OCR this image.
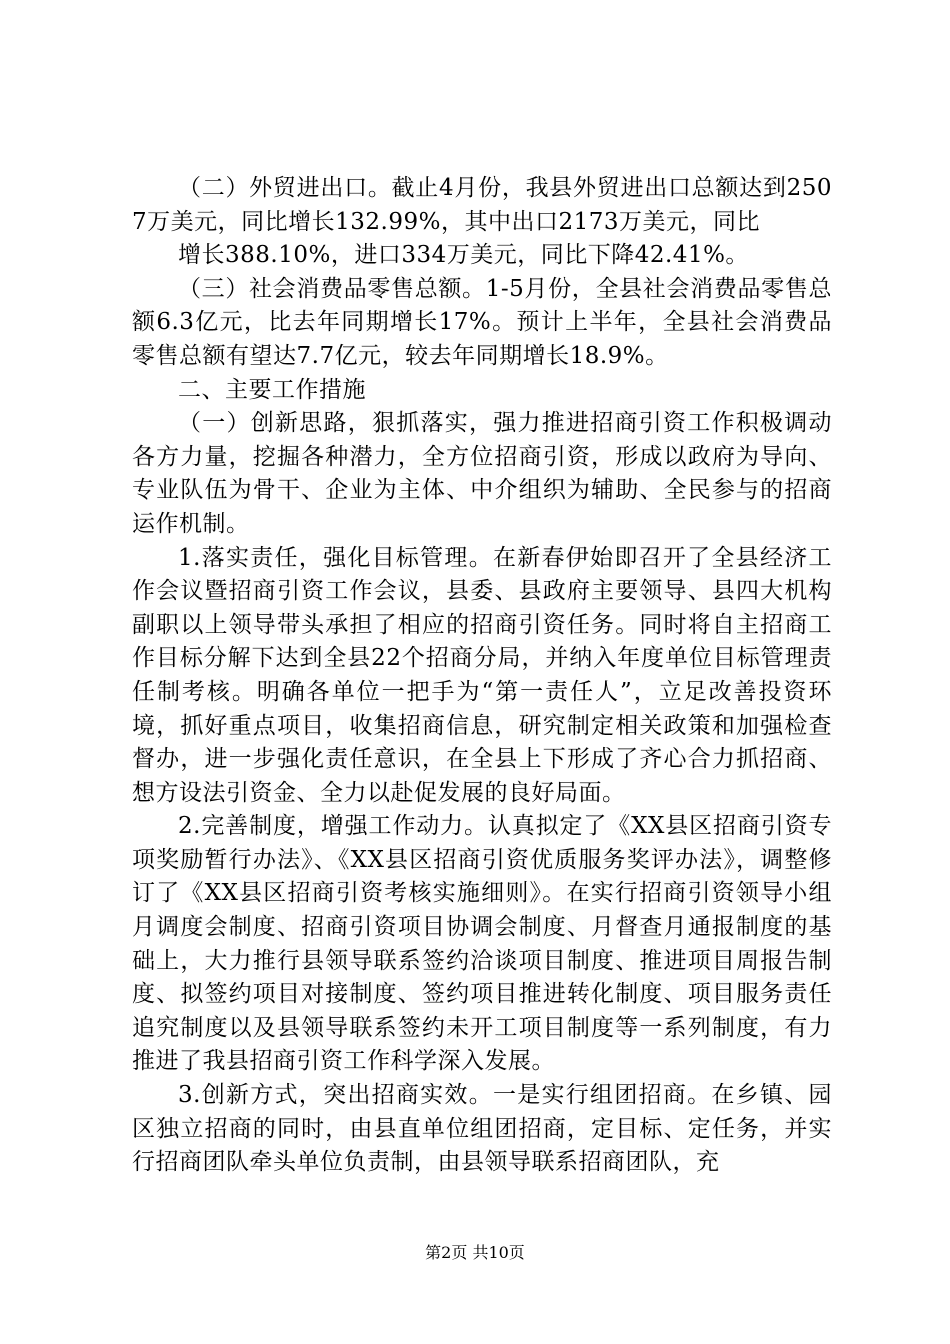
（二）外贸进出口。截止4月份，我县外贸进出口总额达到2507万美元，同比增长132.99%，其中出口2173万美元，同比

增长388.10%，进口334万美元，同比下降42.41%。

（三）社会消费品零售总额。1-5月份，全县社会消费品零售总额6.3亿元，比去年同期增长17%。预计上半年，全县社会消费品零售总额有望达7.7亿元，较去年同期增长18.9%。

二、主要工作措施

（一）创新思路，狠抓落实，强力推进招商引资工作积极调动各方力量，挖掘各种潜力，全方位招商引资，形成以政府为导向、专业队伍为骨干、企业为主体、中介组织为辅助、全民参与的招商运作机制。

1.落实责任，强化目标管理。在新春伊始即召开了全县经济工作会议暨招商引资工作会议，县委、县政府主要领导、县四大机构副职以上领导带头承担了相应的招商引资任务。同时将自主招商工作目标分解下达到全县22个招商分局，并纳入年度单位目标管理责任制考核。明确各单位一把手为“第一责任人”，立足改善投资环境，抓好重点项目，收集招商信息，研究制定相关政策和加强检查督办，进一步强化责任意识，在全县上下形成了齐心合力抓招商、想方设法引资金、全力以赴促发展的良好局面。

2.完善制度，增强工作动力。认真拟定了《XX县区招商引资专项奖励暂行办法》、《XX县区招商引资优质服务奖评办法》，调整修订了《XX县区招商引资考核实施细则》。在实行招商引资领导小组月调度会制度、招商引资项目协调会制度、月督查月通报制度的基础上，大力推行县领导联系签约洽谈项目制度、推进项目周报告制度、拟签约项目对接制度、签约项目推进转化制度、项目服务责任追究制度以及县领导联系签约未开工项目制度等一系列制度，有力推进了我县招商引资工作科学深入发展。

3.创新方式，突出招商实效。一是实行组团招商。在乡镇、园区独立招商的同时，由县直单位组团招商，定目标、定任务，并实行招商团队牵头单位负责制，由县领导联系招商团队，充

第2页 共10页
